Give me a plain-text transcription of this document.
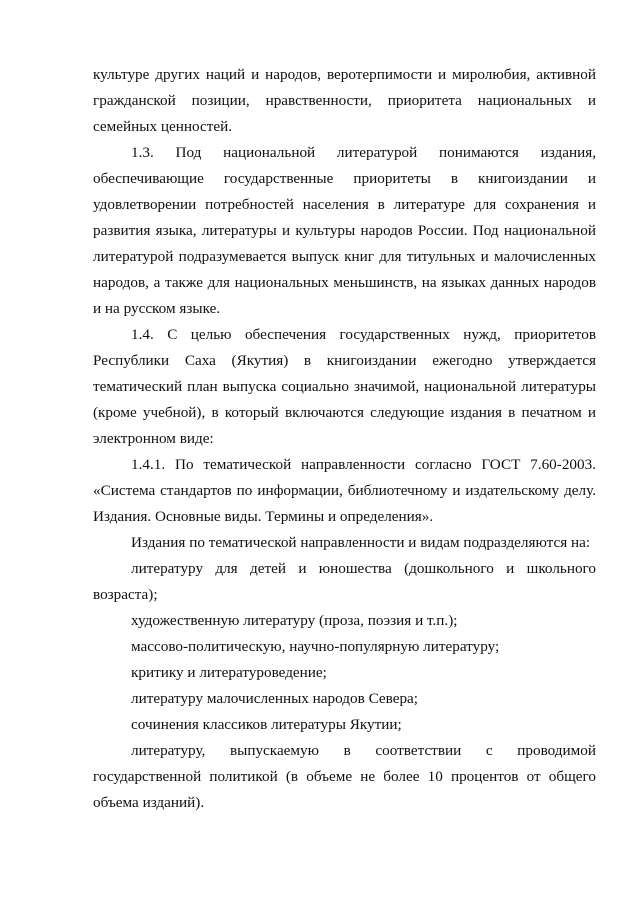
культуре других наций и народов, веротерпимости и миролюбия, активной гражданской позиции, нравственности, приоритета национальных и семейных ценностей.

1.3. Под национальной литературой понимаются издания, обеспечивающие государственные приоритеты в книгоиздании и удовлетворении потребностей населения в литературе для сохранения и развития языка, литературы и культуры народов России. Под национальной литературой подразумевается выпуск книг для титульных и малочисленных народов, а также для национальных меньшинств, на языках данных народов и на русском языке.

1.4. С целью обеспечения государственных нужд, приоритетов Республики Саха (Якутия) в книгоиздании ежегодно утверждается тематический план выпуска социально значимой, национальной литературы (кроме учебной), в который включаются следующие издания в печатном и электронном виде:

1.4.1. По тематической направленности согласно ГОСТ 7.60-2003. «Система стандартов по информации, библиотечному и издательскому делу. Издания. Основные виды. Термины и определения».

Издания по тематической направленности и видам подразделяются на:

литературу для детей и юношества (дошкольного и школьного возраста);

художественную литературу (проза, поэзия и т.п.);

массово-политическую, научно-популярную литературу;

критику и литературоведение;

литературу малочисленных народов Севера;

сочинения классиков литературы Якутии;

литературу, выпускаемую в соответствии с проводимой государственной политикой (в объеме не более 10 процентов от общего объема изданий).
